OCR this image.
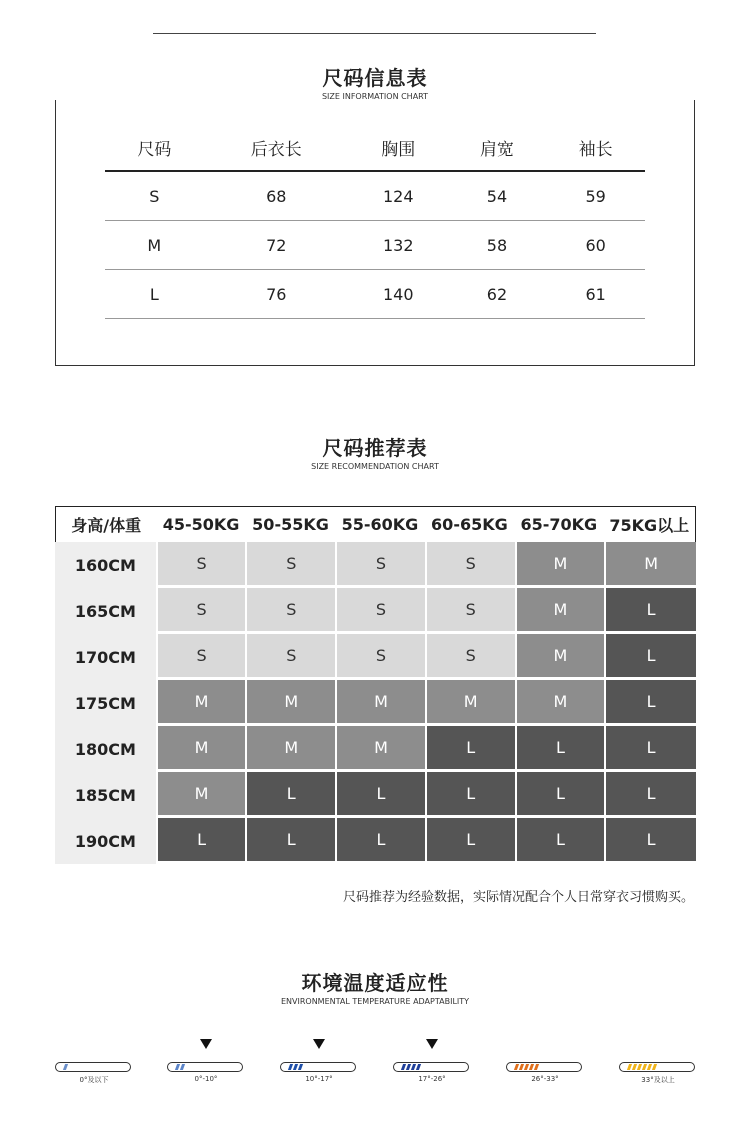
尺码信息表
SIZE INFORMATION CHART
尺码	后衣长	胸围	肩宽	袖长
S	68	124	54	59
M	72	132	58	60
L	76	140	62	61
尺码推荐表
SIZE RECOMMENDATION CHART
身高/体重	45-50KG 50-55KG 55-60KG 60-65KG 65-70KG 75KG以上
160CM	S	S	S	S	M	M
165CM	S	S	S	S	M	L
170CM	S	S	S	S	M	L
175CM	M	M	M	M	M	L
180CM	M	M	M	L	L	L
185CM	M	L	L	L	L	L
190CM	L	L	L	L	L	L
尺码推荐为经验数据，实际情况配合个人日常穿衣习惯购买。
环境温度适应性
ENVIRONMENTAL TEMPERATURE ADAPTABILITY
0°及以下	0°-10°	10°-17°	17°-26°	26°-33°	33°及以上
